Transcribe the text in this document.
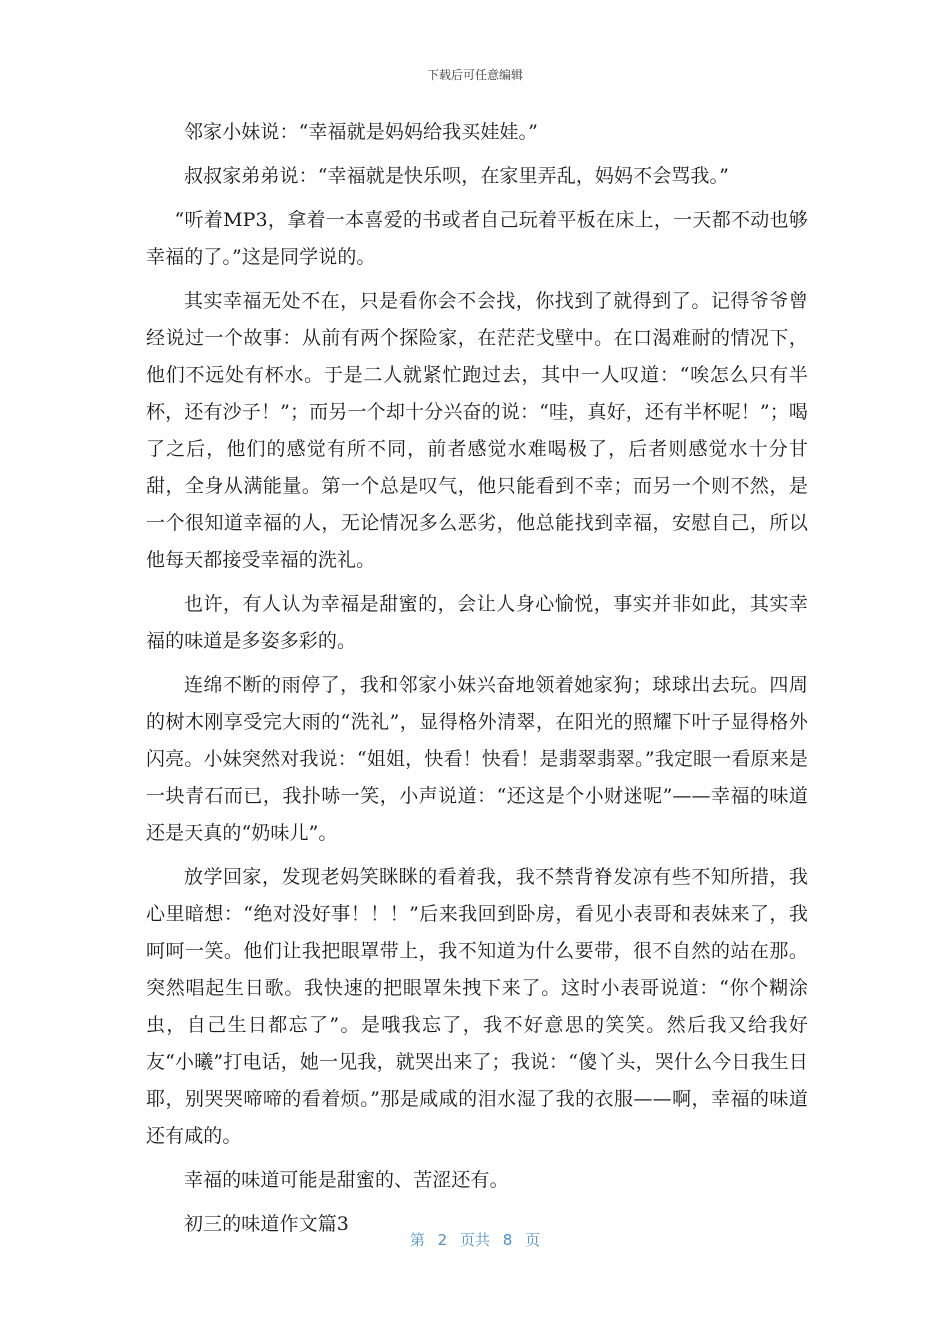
下载后可任意编辑

邻家小妹说：“幸福就是妈妈给我买娃娃。”

叔叔家弟弟说：“幸福就是快乐呗，在家里弄乱，妈妈不会骂我。”

“听着MP3，拿着一本喜爱的书或者自己玩着平板在床上，一天都不动也够幸福的了。”这是同学说的。

其实幸福无处不在，只是看你会不会找，你找到了就得到了。记得爷爷曾经说过一个故事：从前有两个探险家，在茫茫戈壁中。在口渴难耐的情况下，他们不远处有杯水。于是二人就紧忙跑过去，其中一人叹道：“唉怎么只有半杯，还有沙子！”；而另一个却十分兴奋的说：“哇，真好，还有半杯呢！”；喝了之后，他们的感觉有所不同，前者感觉水难喝极了，后者则感觉水十分甘甜，全身从满能量。第一个总是叹气，他只能看到不幸；而另一个则不然，是一个很知道幸福的人，无论情况多么恶劣，他总能找到幸福，安慰自己，所以他每天都接受幸福的洗礼。

也许，有人认为幸福是甜蜜的，会让人身心愉悦，事实并非如此，其实幸福的味道是多姿多彩的。

连绵不断的雨停了，我和邻家小妹兴奋地领着她家狗；球球出去玩。四周的树木刚享受完大雨的“洗礼”，显得格外清翠，在阳光的照耀下叶子显得格外闪亮。小妹突然对我说：“姐姐，快看！快看！是翡翠翡翠。”我定眼一看原来是一块青石而已，我扑哧一笑，小声说道：“还这是个小财迷呢”——幸福的味道还是天真的“奶味儿”。

放学回家，发现老妈笑眯眯的看着我，我不禁背脊发凉有些不知所措，我心里暗想：“绝对没好事！！！”后来我回到卧房，看见小表哥和表妹来了，我呵呵一笑。他们让我把眼罩带上，我不知道为什么要带，很不自然的站在那。突然唱起生日歌。我快速的把眼罩朱拽下来了。这时小表哥说道：“你个糊涂虫，自己生日都忘了”。是哦我忘了，我不好意思的笑笑。然后我又给我好友“小曦”打电话，她一见我，就哭出来了；我说：“傻丫头，哭什么今日我生日耶，别哭哭啼啼的看着烦。”那是咸咸的泪水湿了我的衣服——啊，幸福的味道还有咸的。

幸福的味道可能是甜蜜的、苦涩还有。

初三的味道作文篇3

第 2 页共 8 页
